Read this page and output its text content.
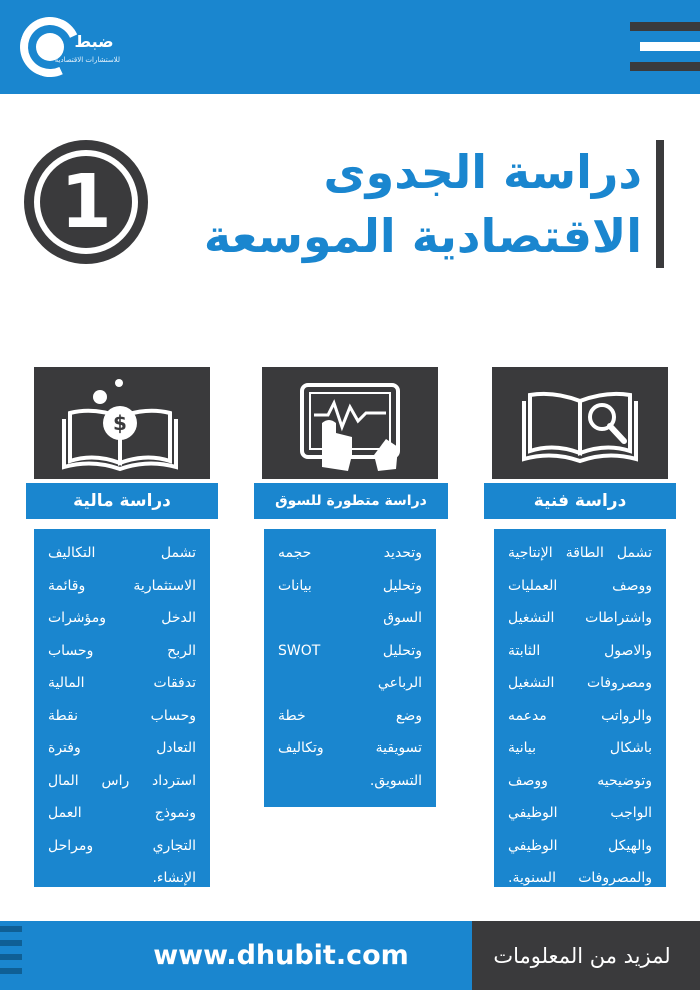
ضبط
للاستشارات الاقتصادية
1	دراسة الجدوى
الاقتصادية الموسعة
$
دراسة مالية
تشمل التكاليف
الاستثمارية وقائمة
الدخل ومؤشرات
الربح وحساب
تدفقات المالية
وحساب نقطة
التعادل وفترة
استرداد راس المال
ونموذج العمل
التجاري ومراحل
الإنشاء.
دراسة متطورة للسوق
وتحديد حجمه
وتحليل بيانات
السوق
وتحليل SWOT
الرباعي
وضع خطة
تسويقية وتكاليف
التسويق.
دراسة فنية
تشمل الطاقة الإنتاجية
ووصف العمليات
واشتراطات التشغيل
والاصول الثابتة
ومصروفات التشغيل
والرواتب مدعمه
باشكال بيانية
وتوضيحيه ووصف
الواجب الوظيفي
والهيكل الوظيفي
والمصروفات السنوية.
www.dhubit.com	لمزيد من المعلومات
